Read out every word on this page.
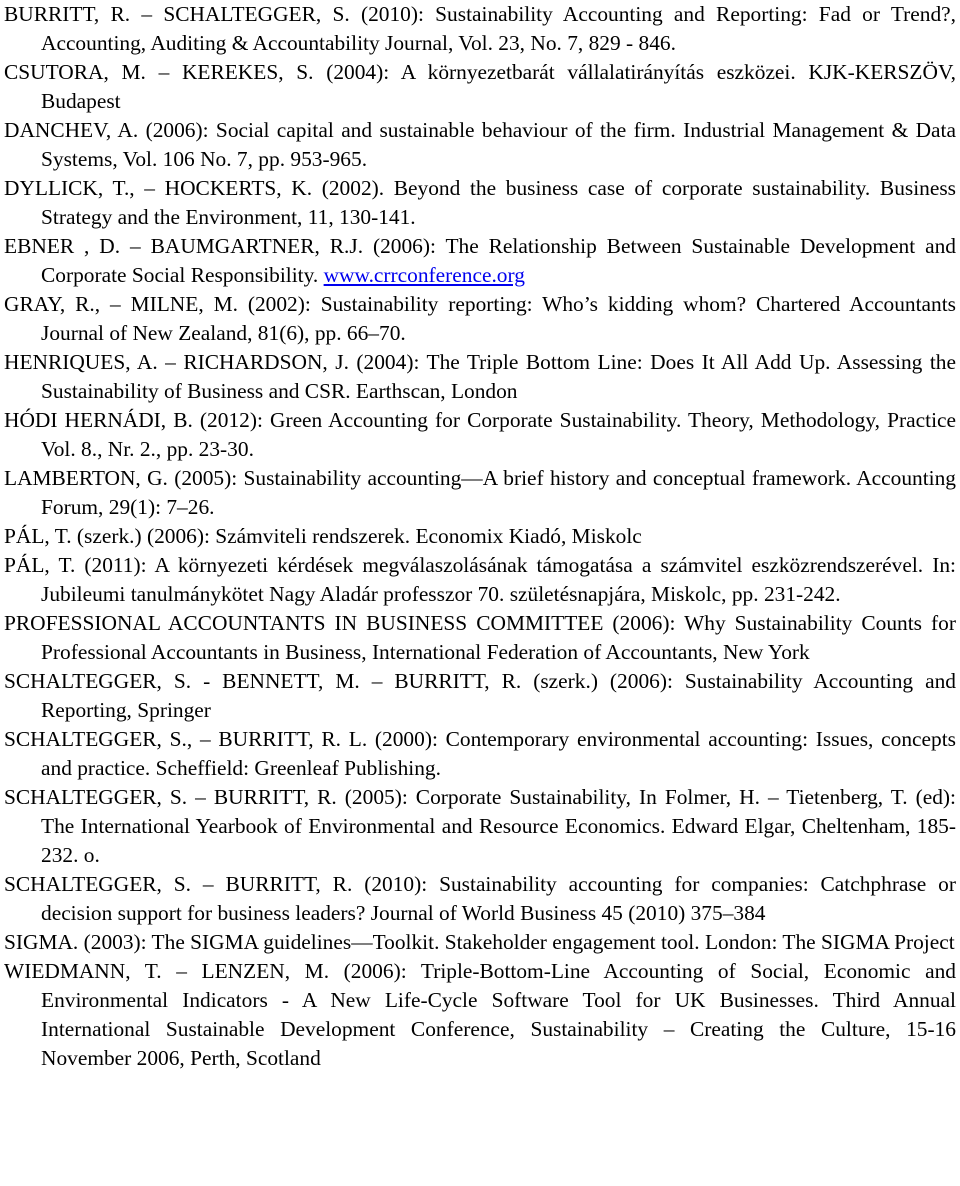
BURRITT, R. – SCHALTEGGER, S. (2010): Sustainability Accounting and Reporting: Fad or Trend?, Accounting, Auditing & Accountability Journal, Vol. 23, No. 7, 829 - 846.
CSUTORA, M. – KEREKES, S. (2004): A környezetbarát vállalatirányítás eszközei. KJK-KERSZÖV, Budapest
DANCHEV, A. (2006): Social capital and sustainable behaviour of the firm. Industrial Management & Data Systems, Vol. 106 No. 7, pp. 953-965.
DYLLICK, T., – HOCKERTS, K. (2002). Beyond the business case of corporate sustainability. Business Strategy and the Environment, 11, 130-141.
EBNER , D. – BAUMGARTNER, R.J. (2006): The Relationship Between Sustainable Development and Corporate Social Responsibility. www.crrconference.org
GRAY, R., – MILNE, M. (2002): Sustainability reporting: Who’s kidding whom? Chartered Accountants Journal of New Zealand, 81(6), pp. 66–70.
HENRIQUES, A. – RICHARDSON, J. (2004): The Triple Bottom Line: Does It All Add Up. Assessing the Sustainability of Business and CSR. Earthscan, London
HÓDI HERNÁDI, B. (2012): Green Accounting for Corporate Sustainability. Theory, Methodology, Practice Vol. 8., Nr. 2., pp. 23-30.
LAMBERTON, G. (2005): Sustainability accounting—A brief history and conceptual framework. Accounting Forum, 29(1): 7–26.
PÁL, T. (szerk.) (2006): Számviteli rendszerek. Economix Kiadó, Miskolc
PÁL, T. (2011): A környezeti kérdések megválaszolásának támogatása a számvitel eszközrendszerével. In: Jubileumi tanulmánykötet Nagy Aladár professzor 70. születésnapjára, Miskolc, pp. 231-242.
PROFESSIONAL ACCOUNTANTS IN BUSINESS COMMITTEE (2006): Why Sustainability Counts for Professional Accountants in Business, International Federation of Accountants, New York
SCHALTEGGER, S. - BENNETT, M. – BURRITT, R. (szerk.) (2006): Sustainability Accounting and Reporting, Springer
SCHALTEGGER, S., – BURRITT, R. L. (2000): Contemporary environmental accounting: Issues, concepts and practice. Scheffield: Greenleaf Publishing.
SCHALTEGGER, S. – BURRITT, R. (2005): Corporate Sustainability, In Folmer, H. – Tietenberg, T. (ed): The International Yearbook of Environmental and Resource Economics. Edward Elgar, Cheltenham, 185-232. o.
SCHALTEGGER, S. – BURRITT, R. (2010): Sustainability accounting for companies: Catchphrase or decision support for business leaders? Journal of World Business 45 (2010) 375–384
SIGMA. (2003): The SIGMA guidelines—Toolkit. Stakeholder engagement tool. London: The SIGMA Project
WIEDMANN, T. – LENZEN, M. (2006): Triple-Bottom-Line Accounting of Social, Economic and Environmental Indicators - A New Life-Cycle Software Tool for UK Businesses. Third Annual International Sustainable Development Conference, Sustainability – Creating the Culture, 15-16 November 2006, Perth, Scotland
